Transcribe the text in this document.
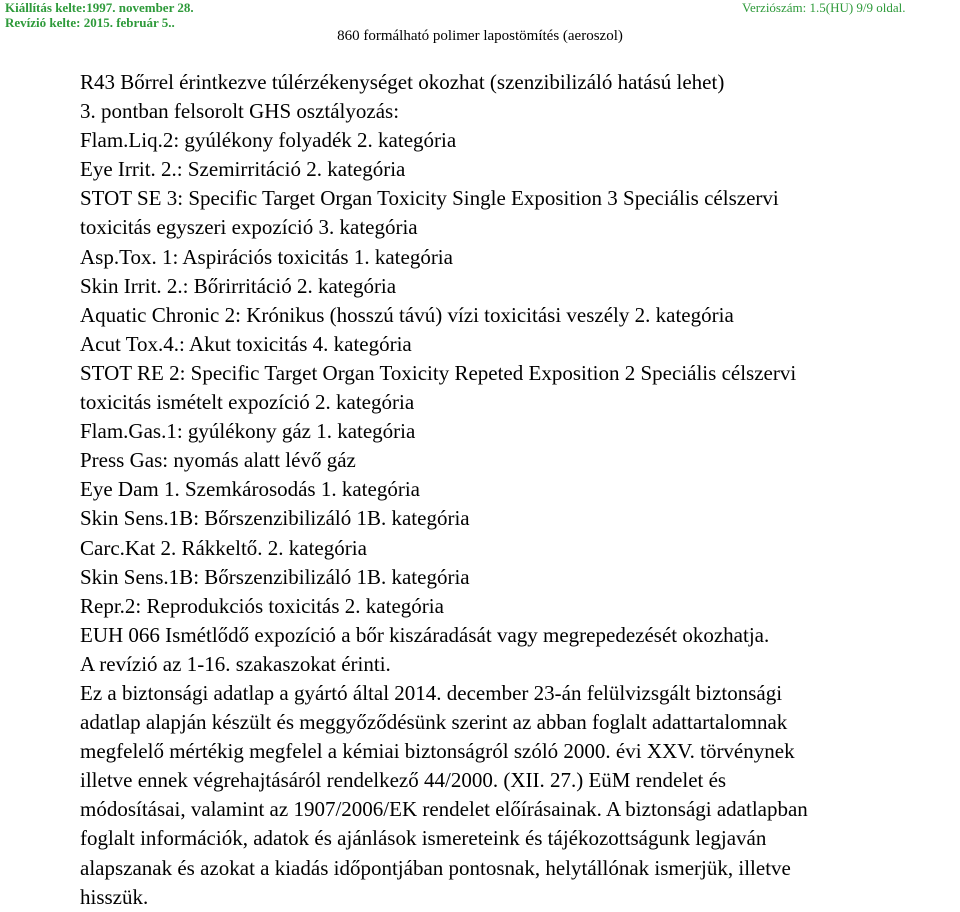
Kiállítás kelte:1997. november 28.
Revízió kelte: 2015. február 5..
Verziószám: 1.5(HU) 9/9 oldal.
860 formálható polimer lapostömítés (aeroszol)
R43 Bőrrel érintkezve túlérzékenységet okozhat (szenzibilizáló hatású lehet)
3. pontban felsorolt GHS osztályozás:
Flam.Liq.2: gyúlékony folyadék 2. kategória
Eye Irrit. 2.: Szemirritáció 2. kategória
STOT SE 3: Specific Target Organ Toxicity Single Exposition 3 Speciális célszervi
toxicitás egyszeri expozíció 3. kategória
Asp.Tox. 1: Aspirációs toxicitás 1. kategória
Skin Irrit. 2.: Bőrirritáció 2. kategória
Aquatic Chronic 2: Krónikus (hosszú távú) vízi toxicitási veszély 2. kategória
Acut Tox.4.: Akut toxicitás 4. kategória
STOT RE 2: Specific Target Organ Toxicity Repeted Exposition 2 Speciális célszervi
toxicitás ismételt expozíció 2. kategória
Flam.Gas.1: gyúlékony gáz 1. kategória
Press Gas: nyomás alatt lévő gáz
Eye Dam 1. Szemkárosodás 1. kategória
Skin Sens.1B: Bőrszenzibilizáló 1B. kategória
Carc.Kat 2. Rákkeltő. 2. kategória
Skin Sens.1B: Bőrszenzibilizáló 1B. kategória
Repr.2: Reprodukciós toxicitás 2. kategória
EUH 066 Ismétlődő expozíció a bőr kiszáradását vagy megrepedezését okozhatja.
A revízió az 1-16. szakaszokat érinti.
Ez a biztonsági adatlap a gyártó által 2014. december 23-án felülvizsgált biztonsági
adatlap alapján készült és meggyőződésünk szerint az abban foglalt adattartalomnak
megfelelő mértékig megfelel a kémiai biztonságról szóló 2000. évi XXV. törvénynek
illetve ennek végrehajtásáról rendelkező 44/2000. (XII. 27.) EüM rendelet és
módosításai, valamint az 1907/2006/EK rendelet előírásainak. A biztonsági adatlapban
foglalt információk, adatok és ajánlások ismereteink és tájékozottságunk legjaván
alapszanak és azokat a kiadás időpontjában pontosnak, helytállónak ismerjük, illetve
hisszük.
